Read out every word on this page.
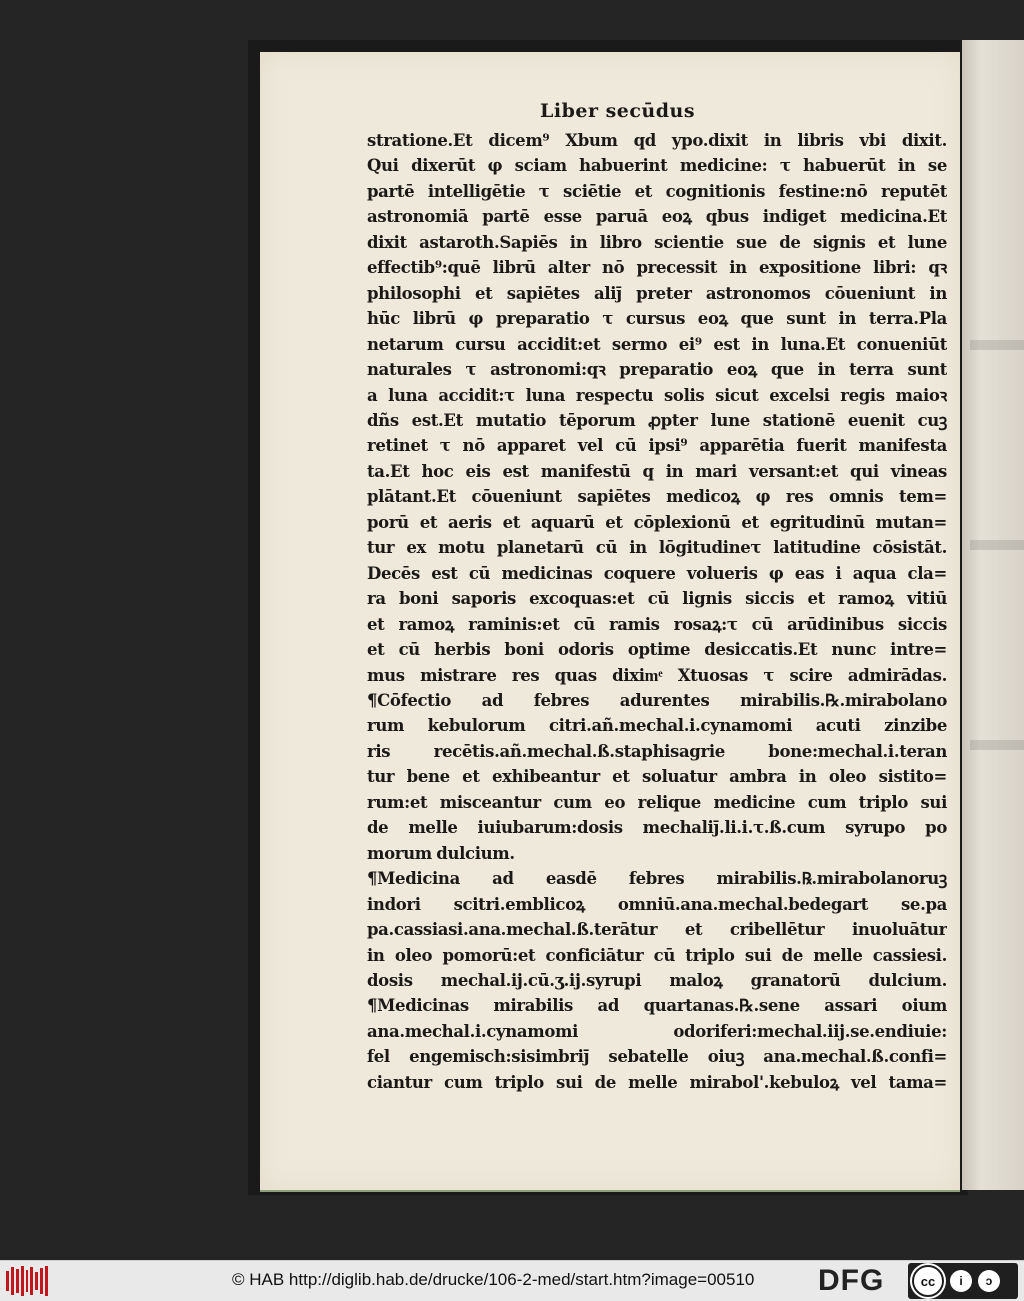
Liber secūdus
stratione.Et dicem⁹ Xbum qd ypo.dixit in libris vbi dixit.
Qui dixerūt φ sciam habuerint medicine: τ habuerūt in se
partē intelligētie τ sciētie et cognitionis festine:nō reputēt
astronomiā partē esse paruā eoꝝ qbus indiget medicina.Et
dixit astaroth.Sapiēs in libro scientie sue de signis et lune
effectib⁹:quē librū alter nō precessit in expositione libri: qꝛ
philosophi et sapiētes aliȷ̄ preter astronomos cōueniunt in
hūc librū φ preparatio τ cursus eoꝝ que sunt in terra.Pla
netarum cursu accidit:et sermo ei⁹ est in luna.Et conueniūt
naturales τ astronomi:qꝛ preparatio eoꝝ que in terra sunt
a luna accidit:τ luna respectu solis sicut excelsi regis maioꝛ
dñs est.Et mutatio tēporum ꝓpter lune stationē euenit cuꝫ
retinet τ nō apparet vel cū ipsi⁹ apparētia fuerit manifesta
ta.Et hoc eis est manifestū q in mari versant:et qui vineas
plātant.Et cōueniunt sapiētes medicoꝝ φ res omnis tem=
porū et aeris et aquarū et cōplexionū et egritudinū mutan=
tur ex motu planetarū cū in lōgitudineτ latitudine cōsistāt.
Decēs est cū medicinas coquere volueris φ eas i aqua cla=
ra boni saporis excoquas:et cū lignis siccis et ramoꝝ vitiū
et ramoꝝ raminis:et cū ramis rosaꝝ:τ cū arūdinibus siccis
et cū herbis boni odoris optime desiccatis.Et nunc intre=
mus mistrare res quas diximͤ Xtuosas τ scire admirādas.
¶Cōfectio ad febres adurentes mirabilis.℞.mirabolano
rum kebulorum citri.añ.mechal.i.cynamomi acuti zinzibe
ris recētis.añ.mechal.ß.staphisagrie bone:mechal.i.teran
tur bene et exhibeantur et soluatur ambra in oleo sistito=
rum:et misceantur cum eo relique medicine cum triplo sui
de melle iuiubarum:dosis mechaliȷ̄.li.i.τ.ß.cum syrupo po
morum dulcium.
¶Medicina ad easdē febres mirabilis.℞.mirabolanoruꝫ
indori scitri.emblicoꝝ omniū.ana.mechal.bedegart se.pa
pa.cassiasi.ana.mechal.ß.terātur et cribellētur inuoluātur
in oleo pomorū:et conficiātur cū triplo sui de melle cassiesi.
dosis mechal.ij.cū.ʒ.ij.syrupi maloꝝ granatorū dulcium.
¶Medicinas mirabilis ad quartanas.℞.sene assari oium
ana.mechal.i.cynamomi odoriferi:mechal.iij.se.endiuie:
fel engemisch:sisimbriȷ̄ sebatelle oiuꝫ ana.mechal.ß.confi=
ciantur cum triplo sui de melle mirabol'.kebuloꝝ vel tama=
© HAB http://diglib.hab.de/drucke/106-2-med/start.htm?image=00510 DFG	cc	i	ↄ
